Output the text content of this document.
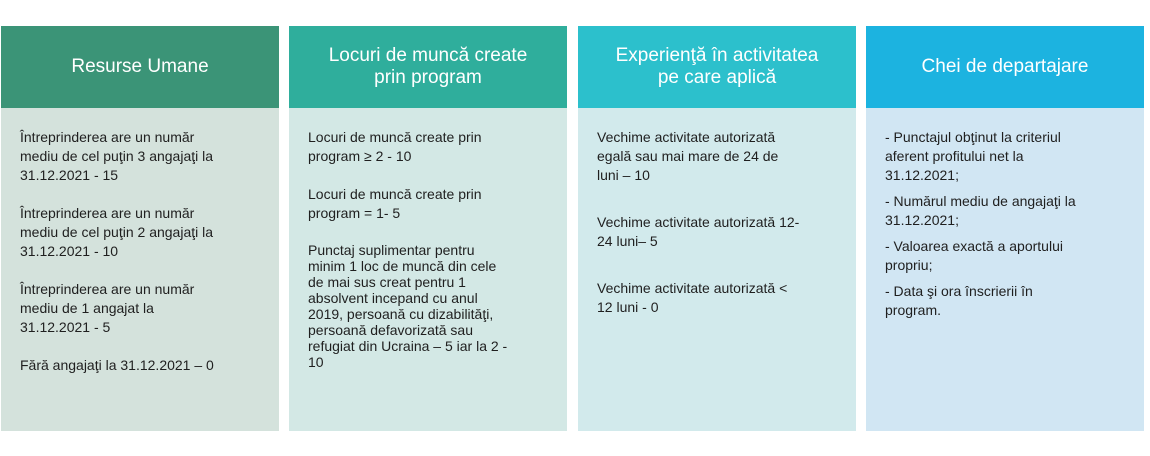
Resurse Umane

Întreprinderea are un număr
mediu de cel puţin 3 angajaţi la
31.12.2021 - 15

Întreprinderea are un număr
mediu de cel puţin 2 angajaţi la
31.12.2021 - 10

Întreprinderea are un număr
mediu de 1 angajat la
31.12.2021 - 5

Fără angajaţi la 31.12.2021 – 0

Locuri de muncă create
prin program

Locuri de muncă create prin
program ≥ 2 - 10

Locuri de muncă create prin
program = 1- 5

Punctaj suplimentar pentru
minim 1 loc de muncă din cele
de mai sus creat pentru 1
absolvent incepand cu anul
2019, persoană cu dizabilităţi,
persoană defavorizată sau
refugiat din Ucraina – 5 iar la 2 -
10

Experienţă în activitatea
pe care aplică

Vechime activitate autorizată
egală sau mai mare de 24 de
luni – 10

Vechime activitate autorizată 12-
24 luni– 5

Vechime activitate autorizată <
12 luni - 0

Chei de departajare

- Punctajul obţinut la criteriul
aferent profitului net la
31.12.2021;

- Numărul mediu de angajaţi la
31.12.2021;

- Valoarea exactă a aportului
propriu;

- Data şi ora înscrierii în
program.
